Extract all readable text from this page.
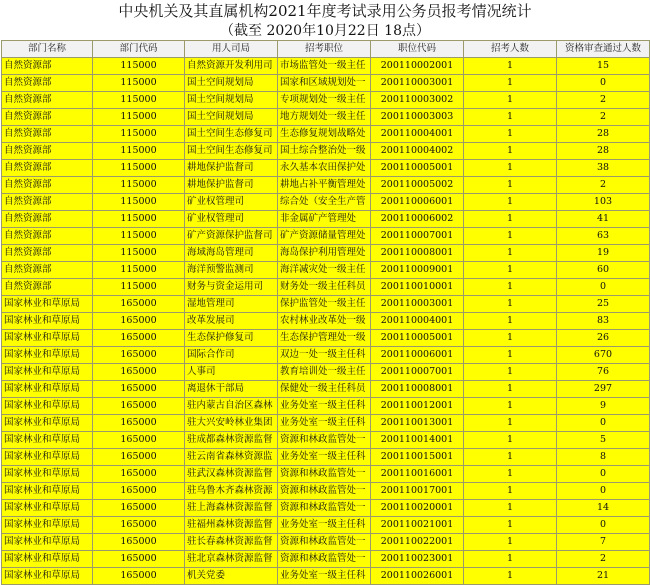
中央机关及其直属机构2021年度考试录用公务员报考情况统计
（截至 2020年10月22日 18点）
部门名称	部门代码	用人司局	招考职位	职位代码	招考人数	资格审查通过人数
自然资源部	115000	自然资源开发利用司	市场监管处一级主任	200110002001	1	15
自然资源部	115000	国土空间规划局	国家和区域规划处一	200110003001	1	0
自然资源部	115000	国土空间规划局	专项规划处一级主任	200110003002	1	2
自然资源部	115000	国土空间规划局	地方规划处一级主任	200110003003	1	2
自然资源部	115000	国土空间生态修复司	生态修复规划战略处	200110004001	1	28
自然资源部	115000	国土空间生态修复司	国土综合整治处一级	200110004002	1	28
自然资源部	115000	耕地保护监督司	永久基本农田保护处	200110005001	1	38
自然资源部	115000	耕地保护监督司	耕地占补平衡管理处	200110005002	1	2
自然资源部	115000	矿业权管理司	综合处（安全生产管	200110006001	1	103
自然资源部	115000	矿业权管理司	非金属矿产管理处	200110006002	1	41
自然资源部	115000	矿产资源保护监督司	矿产资源储量管理处	200110007001	1	63
自然资源部	115000	海域海岛管理司	海岛保护利用管理处	200110008001	1	19
自然资源部	115000	海洋预警监测司	海洋减灾处一级主任	200110009001	1	60
自然资源部	115000	财务与资金运用司	财务处一级主任科员	200110010001	1	0
国家林业和草原局	165000	湿地管理司	保护监管处一级主任	200110003001	1	25
国家林业和草原局	165000	改革发展司	农村林业改革处一级	200110004001	1	83
国家林业和草原局	165000	生态保护修复司	生态保护管理处一级	200110005001	1	26
国家林业和草原局	165000	国际合作司	双边一处一级主任科	200110006001	1	670
国家林业和草原局	165000	人事司	教育培训处一级主任	200110007001	1	76
国家林业和草原局	165000	离退休干部局	保健处一级主任科员	200110008001	1	297
国家林业和草原局	165000	驻内蒙古自治区森林	业务处室一级主任科	200110012001	1	9
国家林业和草原局	165000	驻大兴安岭林业集团	业务处室一级主任科	200110013001	1	0
国家林业和草原局	165000	驻成都森林资源监督	资源和林政监管处一	200110014001	1	5
国家林业和草原局	165000	驻云南省森林资源监	业务处室一级主任科	200110015001	1	8
国家林业和草原局	165000	驻武汉森林资源监督	资源和林政监管处一	200110016001	1	0
国家林业和草原局	165000	驻乌鲁木齐森林资源	资源和林政监管处一	200110017001	1	0
国家林业和草原局	165000	驻上海森林资源监督	资源和林政监管处一	200110020001	1	14
国家林业和草原局	165000	驻福州森林资源监督	业务处室一级主任科	200110021001	1	0
国家林业和草原局	165000	驻长春森林资源监督	资源和林政监管处一	200110022001	1	7
国家林业和草原局	165000	驻北京森林资源监督	资源和林政监管处一	200110023001	1	2
国家林业和草原局	165000	机关党委	业务处室一级主任科	200110026001	1	21
